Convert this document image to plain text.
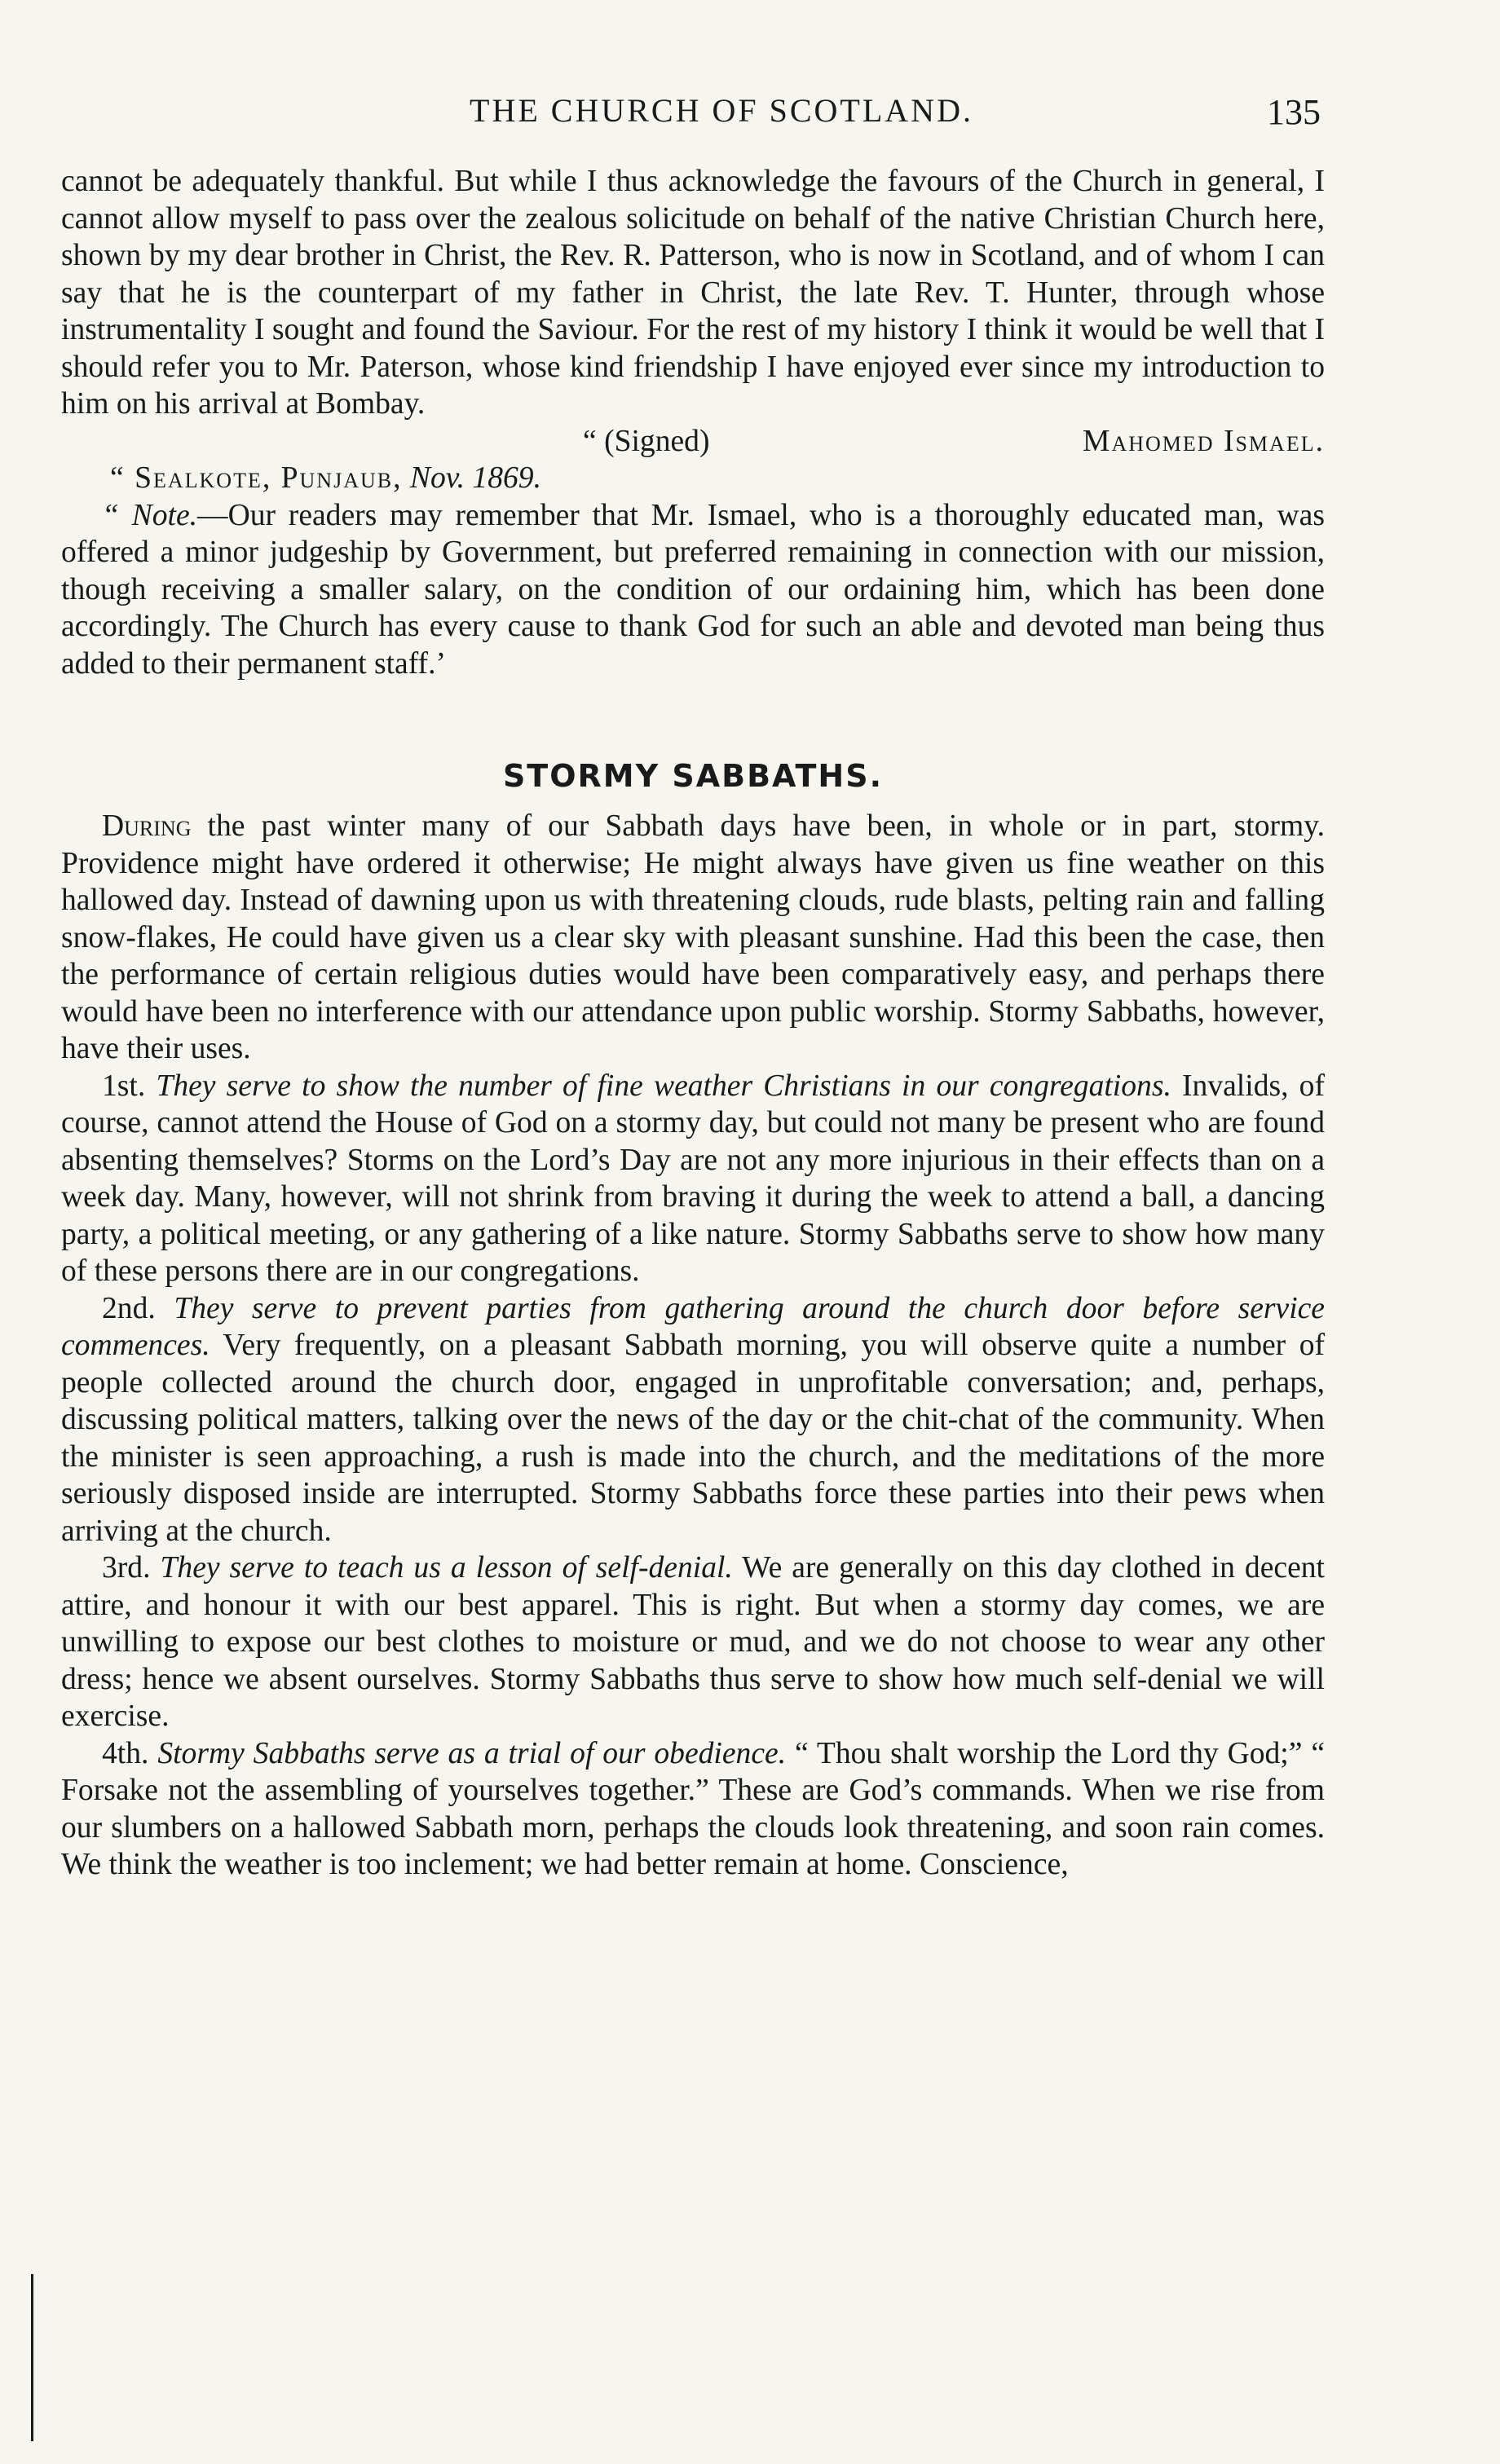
THE CHURCH OF SCOTLAND.	135

cannot be adequately thankful. But while I thus acknowledge the favours of the Church in general, I cannot allow myself to pass over the zealous solicitude on behalf of the native Christian Church here, shown by my dear brother in Christ, the Rev. R. Patterson, who is now in Scotland, and of whom I can say that he is the counterpart of my father in Christ, the late Rev. T. Hunter, through whose instrumentality I sought and found the Saviour. For the rest of my history I think it would be well that I should refer you to Mr. Paterson, whose kind friendship I have enjoyed ever since my introduction to him on his arrival at Bombay.

“ (Signed)	Mahomed Ismael.

“ Sealkote, Punjaub, Nov. 1869.

“ Note.—Our readers may remember that Mr. Ismael, who is a thoroughly educated man, was offered a minor judgeship by Government, but preferred remaining in connection with our mission, though receiving a smaller salary, on the condition of our ordaining him, which has been done accordingly. The Church has every cause to thank God for such an able and devoted man being thus added to their permanent staff.’

STORMY SABBATHS.

During the past winter many of our Sabbath days have been, in whole or in part, stormy. Providence might have ordered it otherwise; He might always have given us fine weather on this hallowed day. Instead of dawning upon us with threatening clouds, rude blasts, pelting rain and falling snow-flakes, He could have given us a clear sky with pleasant sunshine. Had this been the case, then the performance of certain religious duties would have been comparatively easy, and perhaps there would have been no interference with our attendance upon public worship. Stormy Sabbaths, however, have their uses.

1st. They serve to show the number of fine weather Christians in our congregations. Invalids, of course, cannot attend the House of God on a stormy day, but could not many be present who are found absenting themselves? Storms on the Lord’s Day are not any more injurious in their effects than on a week day. Many, however, will not shrink from braving it during the week to attend a ball, a dancing party, a political meeting, or any gathering of a like nature. Stormy Sabbaths serve to show how many of these persons there are in our congregations.

2nd. They serve to prevent parties from gathering around the church door before service commences. Very frequently, on a pleasant Sabbath morning, you will observe quite a number of people collected around the church door, engaged in unprofitable conversation; and, perhaps, discussing political matters, talking over the news of the day or the chit-chat of the community. When the minister is seen approaching, a rush is made into the church, and the meditations of the more seriously disposed inside are interrupted. Stormy Sabbaths force these parties into their pews when arriving at the church.

3rd. They serve to teach us a lesson of self-denial. We are generally on this day clothed in decent attire, and honour it with our best apparel. This is right. But when a stormy day comes, we are unwilling to expose our best clothes to moisture or mud, and we do not choose to wear any other dress; hence we absent ourselves. Stormy Sabbaths thus serve to show how much self-denial we will exercise.

4th. Stormy Sabbaths serve as a trial of our obedience. “ Thou shalt worship the Lord thy God;” “ Forsake not the assembling of yourselves together.” These are God’s commands. When we rise from our slumbers on a hallowed Sabbath morn, perhaps the clouds look threatening, and soon rain comes. We think the weather is too inclement; we had better remain at home. Conscience,
